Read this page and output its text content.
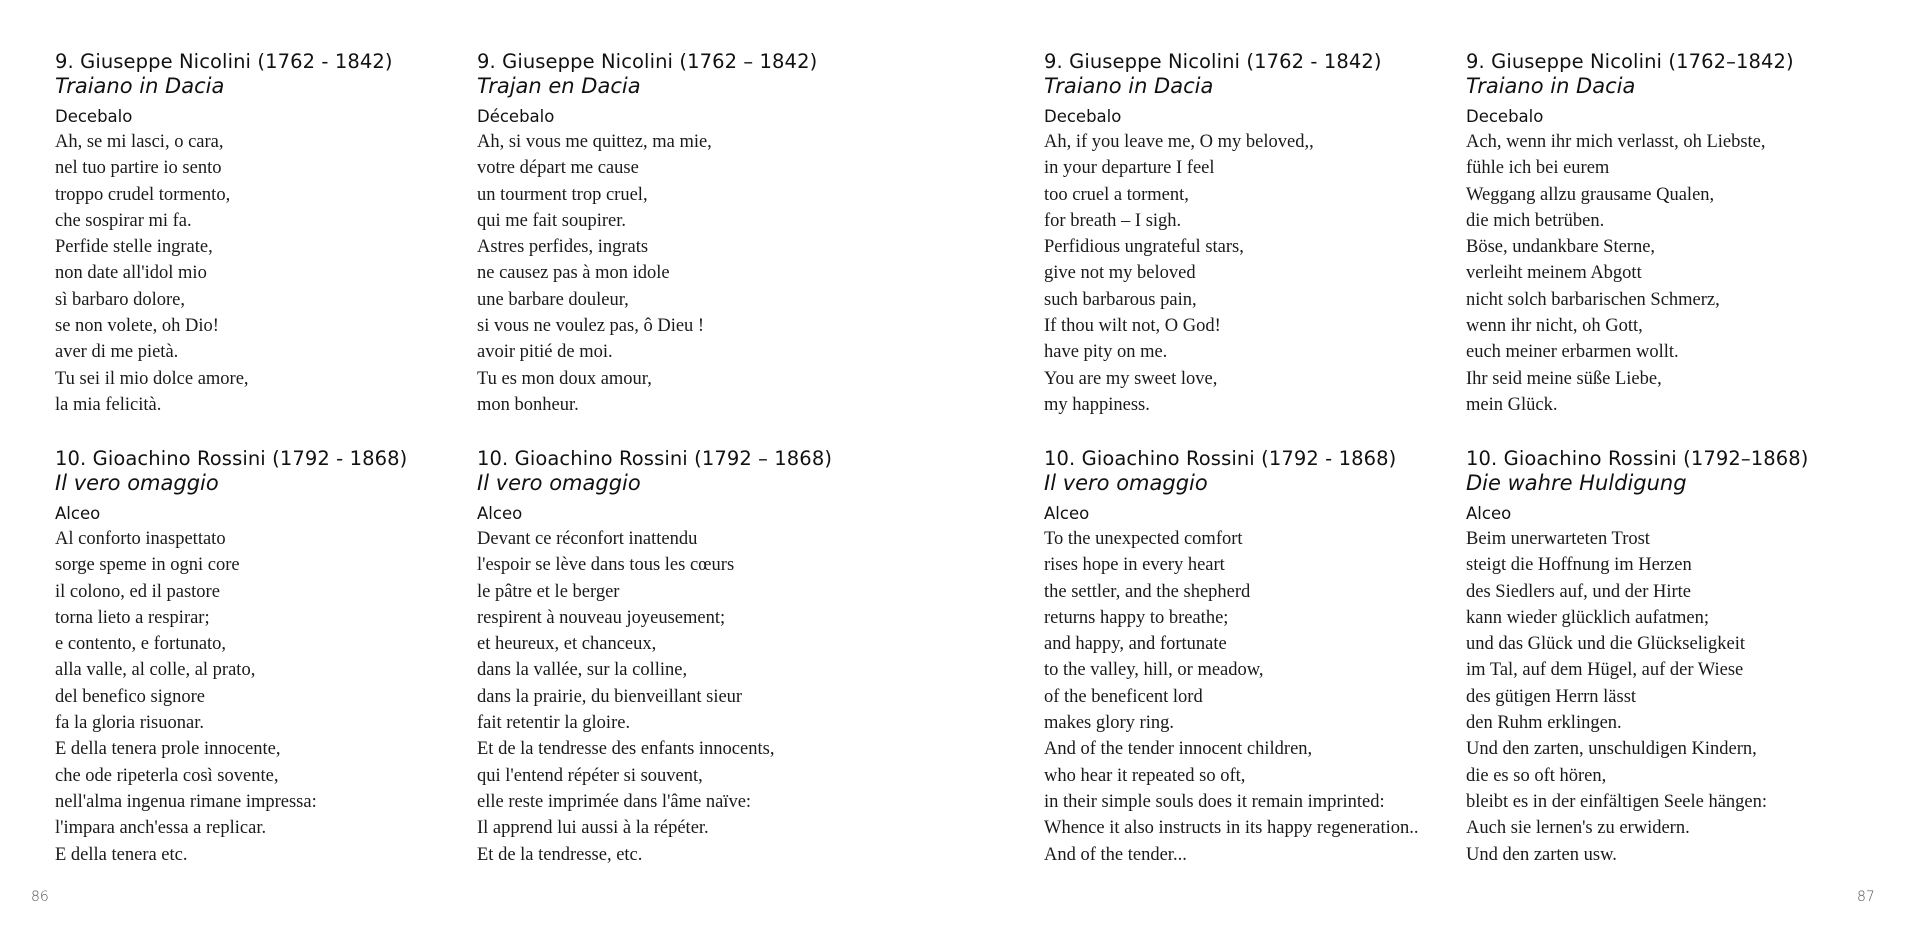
9. Giuseppe Nicolini (1762 - 1842)
Traiano in Dacia
Decebalo
Ah, se mi lasci, o cara,
nel tuo partire io sento
troppo crudel tormento,
che sospirar mi fa.
Perfide stelle ingrate,
non date all'idol mio
sì barbaro dolore,
se non volete, oh Dio!
aver di me pietà.
Tu sei il mio dolce amore,
la mia felicità.
10. Gioachino Rossini (1792 - 1868)
Il vero omaggio
Alceo
Al conforto inaspettato
sorge speme in ogni core
il colono, ed il pastore
torna lieto a respirar;
e contento, e fortunato,
alla valle, al colle, al prato,
del benefico signore
fa la gloria risuonar.
E della tenera prole innocente,
che ode ripeterla così sovente,
nell'alma ingenua rimane impressa:
l'impara anch'essa a replicar.
E della tenera etc.
9. Giuseppe Nicolini (1762 – 1842)
Trajan en Dacia
Décebalo
Ah, si vous me quittez, ma mie,
votre départ me cause
un tourment trop cruel,
qui me fait soupirer.
Astres perfides, ingrats
ne causez pas à mon idole
une barbare douleur,
si vous ne voulez pas, ô Dieu !
avoir pitié de moi.
Tu es mon doux amour,
mon bonheur.
10. Gioachino Rossini (1792 – 1868)
Il vero omaggio
Alceo
Devant ce réconfort inattendu
l'espoir se lève dans tous les cœurs
le pâtre et le berger
respirent à nouveau joyeusement;
et heureux, et chanceux,
dans la vallée, sur la colline,
dans la prairie, du bienveillant sieur
fait retentir la gloire.
Et de la tendresse des enfants innocents,
qui l'entend répéter si souvent,
elle reste imprimée dans l'âme naïve:
Il apprend lui aussi à la répéter.
Et de la tendresse, etc.
9. Giuseppe Nicolini (1762 - 1842)
Traiano in Dacia
Decebalo
Ah, if you leave me, O my beloved,,
in your departure I feel
too cruel a torment,
for breath – I sigh.
Perfidious ungrateful stars,
give not my beloved
such barbarous pain,
If thou wilt not, O God!
have pity on me.
You are my sweet love,
my happiness.
10. Gioachino Rossini (1792 - 1868)
Il vero omaggio
Alceo
To the unexpected comfort
rises hope in every heart
the settler, and the shepherd
returns happy to breathe;
and happy, and fortunate
to the valley, hill, or meadow,
of the beneficent lord
makes glory ring.
And of the tender innocent children,
who hear it repeated so oft,
in their simple souls does it remain imprinted:
Whence it also instructs in its happy regeneration..
And of the tender...
9. Giuseppe Nicolini (1762–1842)
Traiano in Dacia
Decebalo
Ach, wenn ihr mich verlasst, oh Liebste,
fühle ich bei eurem
Weggang allzu grausame Qualen,
die mich betrüben.
Böse, undankbare Sterne,
verleiht meinem Abgott
nicht solch barbarischen Schmerz,
wenn ihr nicht, oh Gott,
euch meiner erbarmen wollt.
Ihr seid meine süße Liebe,
mein Glück.
10. Gioachino Rossini (1792–1868)
Die wahre Huldigung
Alceo
Beim unerwarteten Trost
steigt die Hoffnung im Herzen
des Siedlers auf, und der Hirte
kann wieder glücklich aufatmen;
und das Glück und die Glückseligkeit
im Tal, auf dem Hügel, auf der Wiese
des gütigen Herrn lässt
den Ruhm erklingen.
Und den zarten, unschuldigen Kindern,
die es so oft hören,
bleibt es in der einfältigen Seele hängen:
Auch sie lernen's zu erwidern.
Und den zarten usw.
86	87
